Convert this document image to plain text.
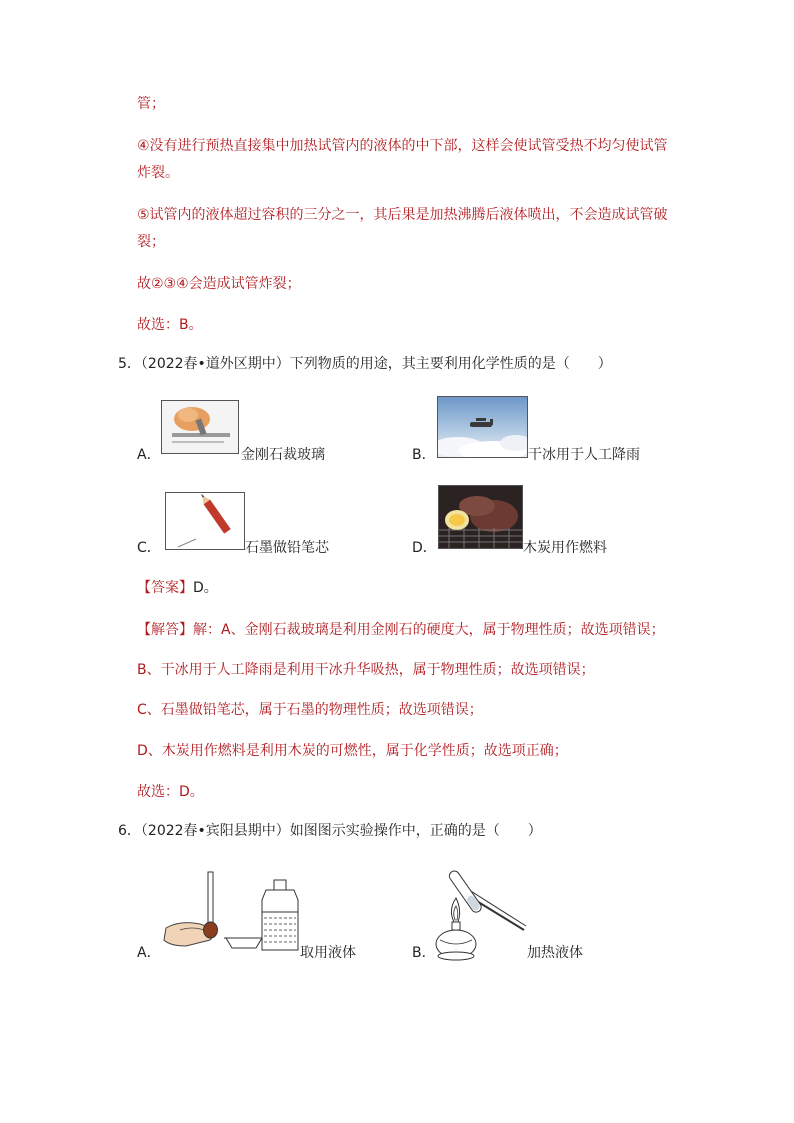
管；
④没有进行预热直接集中加热试管内的液体的中下部，这样会使试管受热不均匀使试管
炸裂。
⑤试管内的液体超过容积的三分之一，其后果是加热沸腾后液体喷出，不会造成试管破
裂；
故②③④会造成试管炸裂；
故选：B。
5．（2022春•道外区期中）下列物质的用途，其主要利用化学性质的是（　　）
A．	金刚石裁玻璃	B．	干冰用于人工降雨
C．	石墨做铅笔芯	D．	木炭用作燃料
【答案】D。
【解答】解：A、金刚石裁玻璃是利用金刚石的硬度大，属于物理性质；故选项错误；
B、干冰用于人工降雨是利用干冰升华吸热，属于物理性质；故选项错误；
C、石墨做铅笔芯，属于石墨的物理性质；故选项错误；
D、木炭用作燃料是利用木炭的可燃性，属于化学性质；故选项正确；
故选：D。
6．（2022春•宾阳县期中）如图图示实验操作中，正确的是（　　）
A．	取用液体	B．	加热液体
